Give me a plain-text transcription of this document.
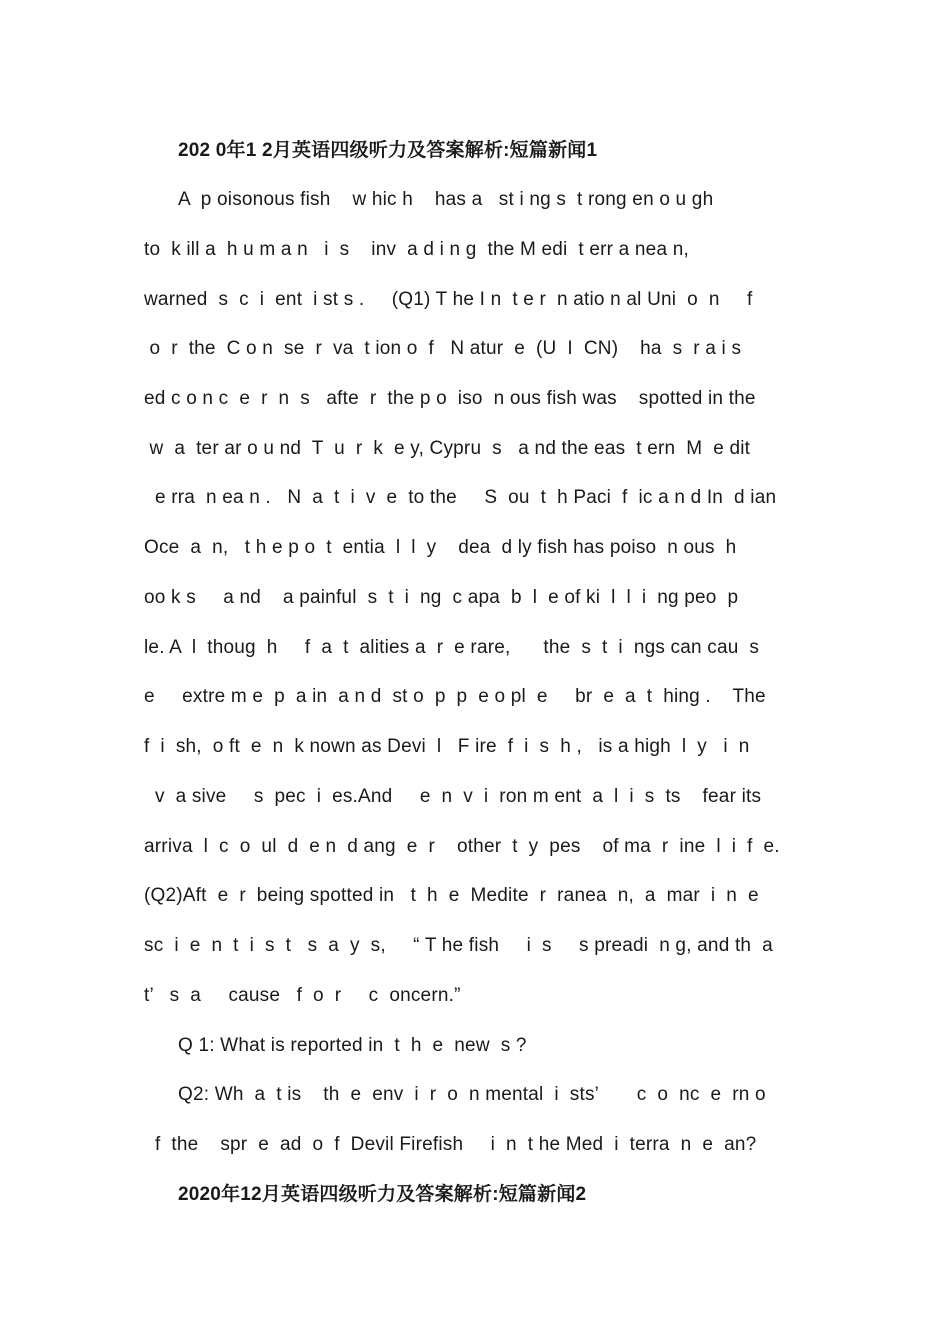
202 0年1 2月英语四级听力及答案解析:短篇新闻1
A  p oisonous fish    w hic h    has a   st i ng s  t rong en o u gh
to  k ill a  h u m a n   i  s    inv  a d i n g  the M edi  t err a nea n,
warned  s  c  i  ent  i st s .     (Q1) T he I n  t e r  n atio n al Uni  o  n     f
o  r  the  C o n  se  r  va  t ion o  f   N atur  e  (U  I  CN)    ha  s  r a i s
ed c o n c  e  r  n  s   afte  r  the p o  iso  n ous fish was    spotted in the
w  a  ter ar o u nd  T  u  r  k  e y, Cypru  s   a nd the eas  t ern  M  e dit
e rra  n ea n .   N  a  t  i  v  e  to the     S  ou  t  h Paci  f  ic a n d In  d ian
Oce  a  n,   t h e p o  t  entia  l  l  y    dea  d ly fish has poiso  n ous  h
oo k s     a nd    a painful  s  t  i  ng  c apa  b  l  e of ki  l  l  i  ng peo  p
le. A  l  thoug  h     f  a  t  alities a  r  e rare,      the  s  t  i  ngs can cau  s
e     extre m e  p  a in  a n d  st o  p  p  e o pl  e     br  e  a  t  hing .    The
f  i  sh,  o ft  e  n  k nown as Devi  l   F ire  f  i  s  h ,   is a high  l  y   i  n
v  a sive     s  pec  i  es.And     e  n  v  i  ron m ent  a  l  i  s  ts    fear its
arriva  l  c  o  ul  d  e n  d ang  e  r    other  t  y  pes    of ma  r  ine  l  i  f  e.
(Q2)Aft  e  r  being spotted in   t  h  e  Medite  r  ranea  n,  a  mar  i  n  e
sc  i  e  n  t  i  s  t   s  a  y  s,     “ T he fish     i  s     s preadi  n g, and th  a
t’   s  a     cause   f  o  r     c  oncern.”
Q 1: What is reported in  t  h  e  new  s ?
Q2: Wh  a  t is    th  e  env  i  r  o  n mental  i  sts’       c  o  nc  e  rn o
f  the    spr  e  ad  o  f  Devil Firefish     i  n  t he Med  i  terra  n  e  an?
2020年12月英语四级听力及答案解析:短篇新闻2
